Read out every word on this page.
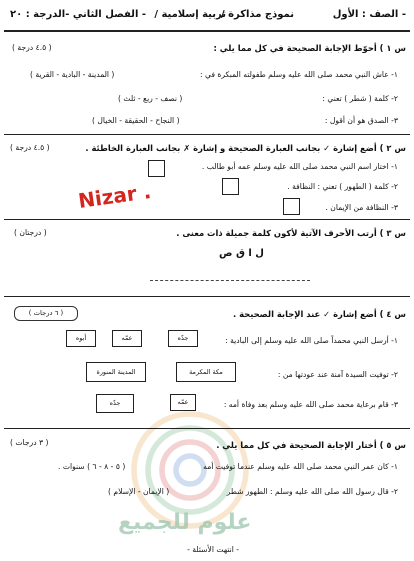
- الصف : الأول
نموذج مذاكرة /
تربية إسلامية /
- الفصل الثاني -
الدرجة : ٢٠
س ١ ) أحوّط الإجابة الصحيحة في كل مما يلي :
( ٤.٥ درجة )
١- عاش النبي محمد صلى الله عليه وسلم طفولته المبكرة في :
( المدينة - البادية - القرية )
٢- كلمة ( شطر ) تعني :
( نصف - ربع - ثلث )
٣- الصدق هو أن أقول :
( النجاح - الحقيقة - الخيال )
س ٢ ) أضع إشارة ✓ بجانب العبارة الصحيحة و إشارة ✗ بجانب العبارة الخاطئة .
( ٤.٥ درجة )
١- اختار اسم النبي محمد صلى الله عليه وسلم عمه أبو طالب .
٢- كلمة ( الطهور ) تعني : النظافة .
٣- النظافة من الإيمان .
Nizar .
س ٣ ) أرتب الأحرف الآتية لأكون كلمة جميلة ذات معنى .
( درجتان )
ل ا ق ص
س ٤ ) أضع إشارة ✓ عند الإجابة الصحيحة .
( ٦ درجات )
١- أرسل النبي محمداً صلى الله عليه وسلم إلى البادية :
جدّه
عمّه
أبوه
٢- توفيت السيدة آمنة عند عودتها من :
مكة المكرمة
المدينة المنورة
٣- قام برعاية محمد صلى الله عليه وسلم بعد وفاة أمه :
عمّه
جدّه
س ٥ ) أختار الإجابة الصحيحة في كل مما يلي .
( ٣ درجات )
١- كان عمر النبي محمد صلى الله عليه وسلم عندما توفيت أمه
( ٥ - ٨ - ٦ ) سنوات .
٢- قال رسول الله صلى الله عليه وسلم : الطهور شطر
( الإيمان - الإسلام )
علوم للجميع
- انتهت الأسئلة -
